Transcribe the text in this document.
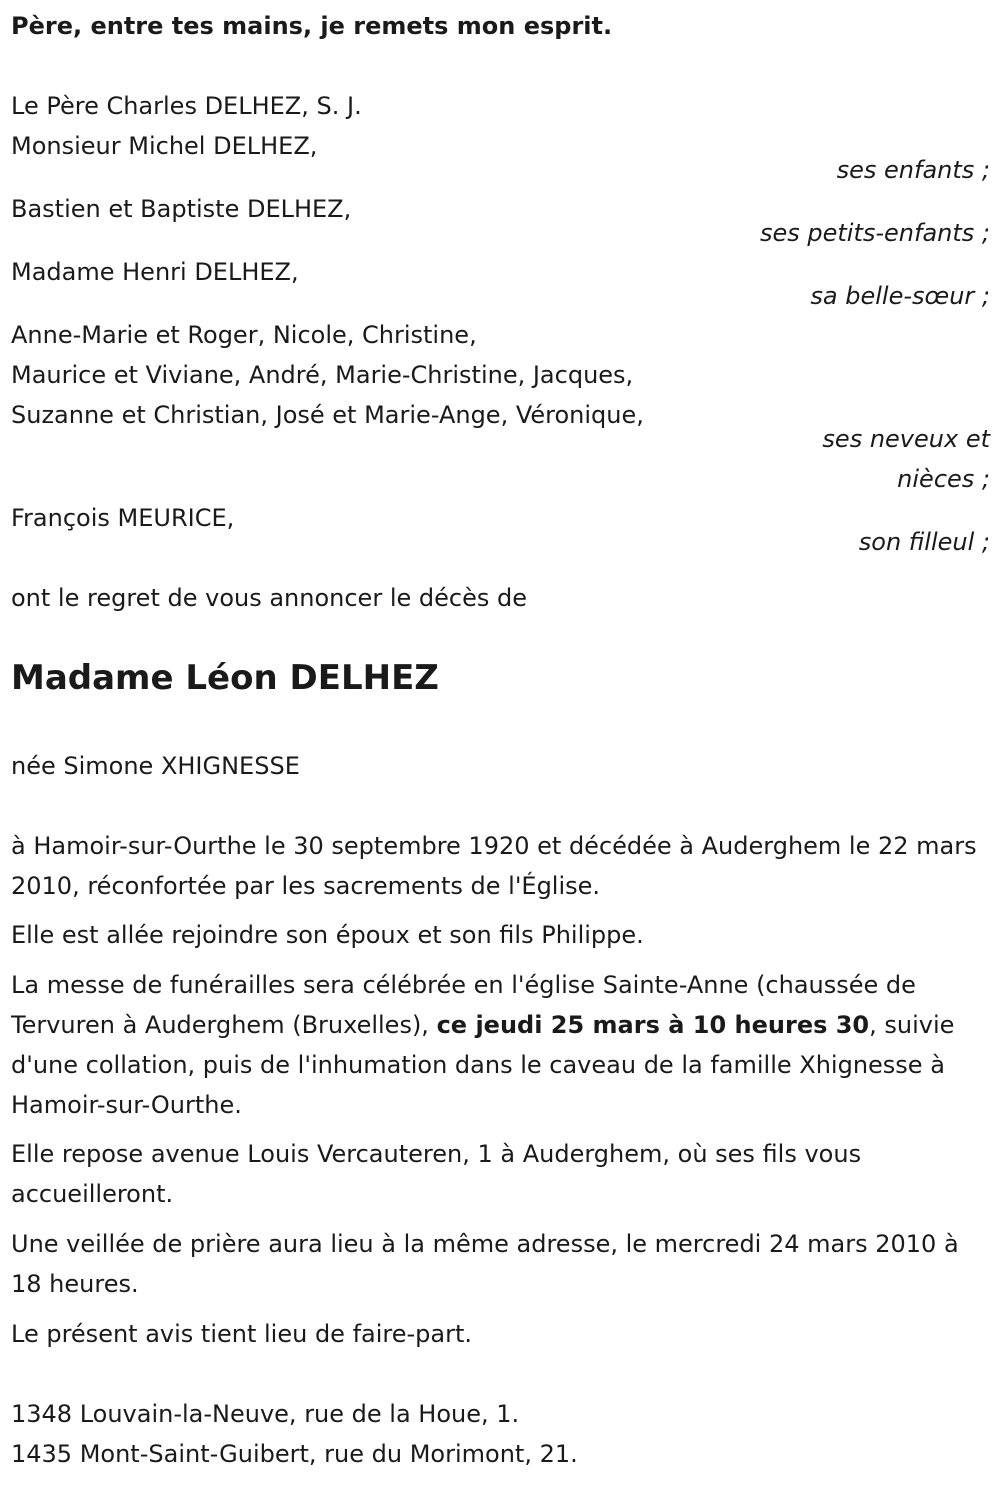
Père, entre tes mains, je remets mon esprit.
Le Père Charles DELHEZ, S. J.
Monsieur Michel DELHEZ,
ses enfants ;
Bastien et Baptiste DELHEZ,
ses petits-enfants ;
Madame Henri DELHEZ,
sa belle-sœur ;
Anne-Marie et Roger, Nicole, Christine,
Maurice et Viviane, André, Marie-Christine, Jacques,
Suzanne et Christian, José et Marie-Ange, Véronique,
ses neveux et
nièces ;
François MEURICE,
son filleul ;
ont le regret de vous annoncer le décès de
Madame Léon DELHEZ
née Simone XHIGNESSE
à Hamoir-sur-Ourthe le 30 septembre 1920 et décédée à Auderghem le 22 mars 2010, réconfortée par les sacrements de l'Église.
Elle est allée rejoindre son époux et son fils Philippe.
La messe de funérailles sera célébrée en l'église Sainte-Anne (chaussée de Tervuren à Auderghem (Bruxelles), ce jeudi 25 mars à 10 heures 30, suivie d'une collation, puis de l'inhumation dans le caveau de la famille Xhignesse à Hamoir-sur-Ourthe.
Elle repose avenue Louis Vercauteren, 1 à Auderghem, où ses fils vous accueilleront.
Une veillée de prière aura lieu à la même adresse, le mercredi 24 mars 2010 à 18 heures.
Le présent avis tient lieu de faire-part.
1348 Louvain-la-Neuve, rue de la Houe, 1.
1435 Mont-Saint-Guibert, rue du Morimont, 21.
